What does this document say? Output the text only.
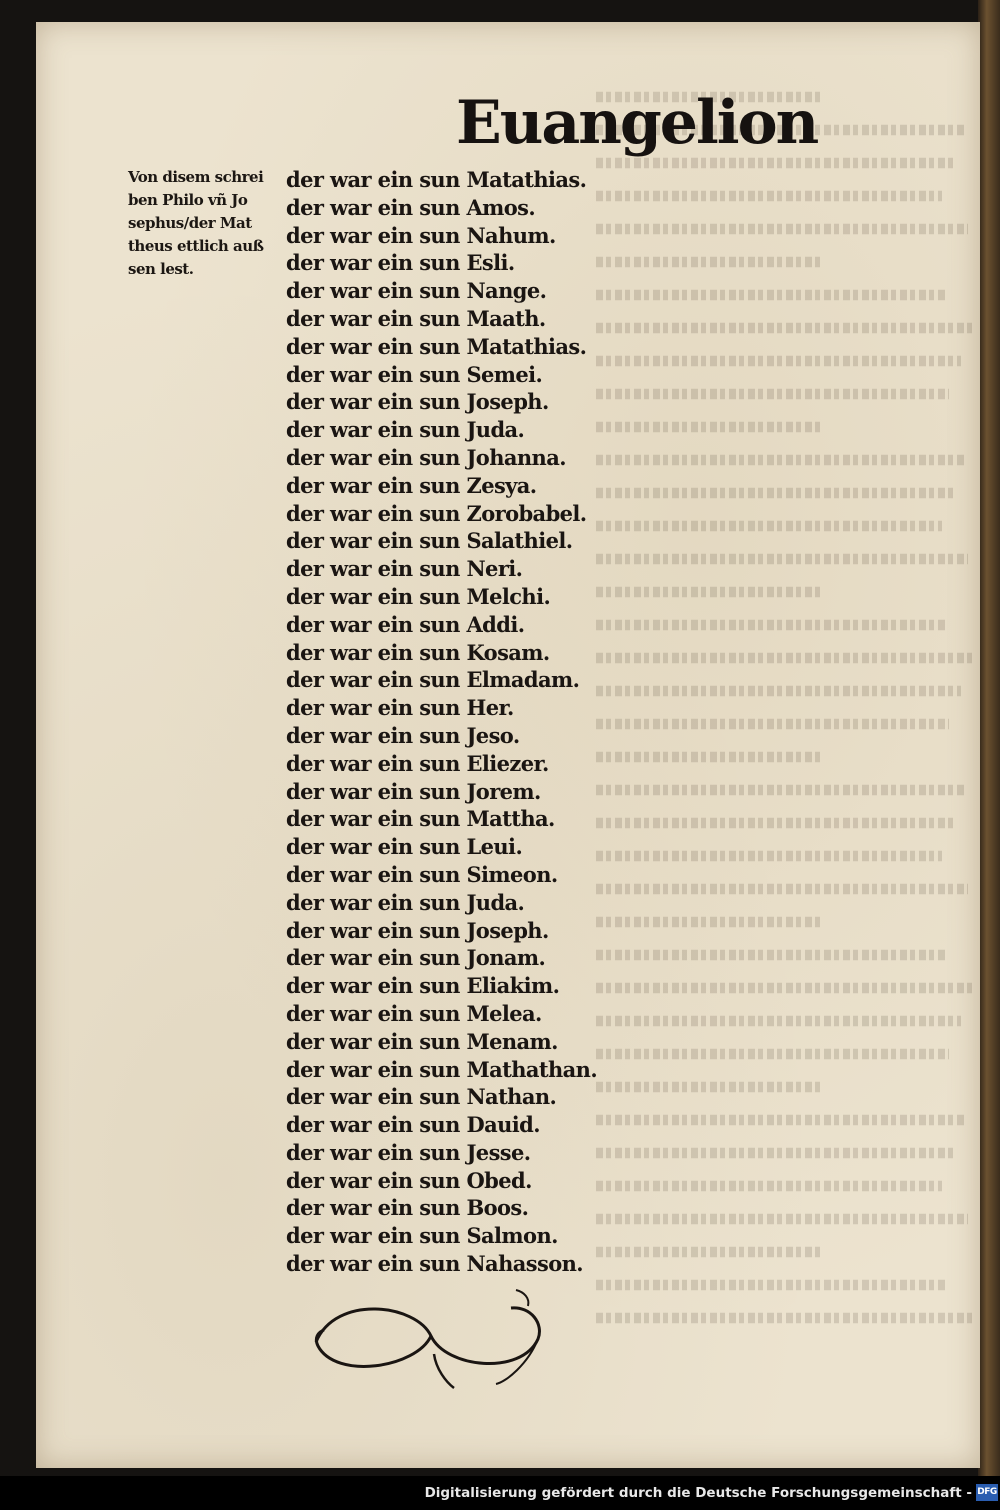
Euangelion
Von disem schrei
ben Philo vñ Jo
sephus/der Mat
theus ettlich auß
sen lest.
der war ein sun Matathias.
der war ein sun Amos.
der war ein sun Nahum.
der war ein sun Esli.
der war ein sun Nange.
der war ein sun Maath.
der war ein sun Matathias.
der war ein sun Semei.
der war ein sun Joseph.
der war ein sun Juda.
der war ein sun Johanna.
der war ein sun Zesya.
der war ein sun Zorobabel.
der war ein sun Salathiel.
der war ein sun Neri.
der war ein sun Melchi.
der war ein sun Addi.
der war ein sun Kosam.
der war ein sun Elmadam.
der war ein sun Her.
der war ein sun Jeso.
der war ein sun Eliezer.
der war ein sun Jorem.
der war ein sun Mattha.
der war ein sun Leui.
der war ein sun Simeon.
der war ein sun Juda.
der war ein sun Joseph.
der war ein sun Jonam.
der war ein sun Eliakim.
der war ein sun Melea.
der war ein sun Menam.
der war ein sun Mathathan.
der war ein sun Nathan.
der war ein sun Dauid.
der war ein sun Jesse.
der war ein sun Obed.
der war ein sun Boos.
der war ein sun Salmon.
der war ein sun Nahasson.
Digitalisierung gefördert durch die Deutsche Forschungsgemeinschaft - DFG
